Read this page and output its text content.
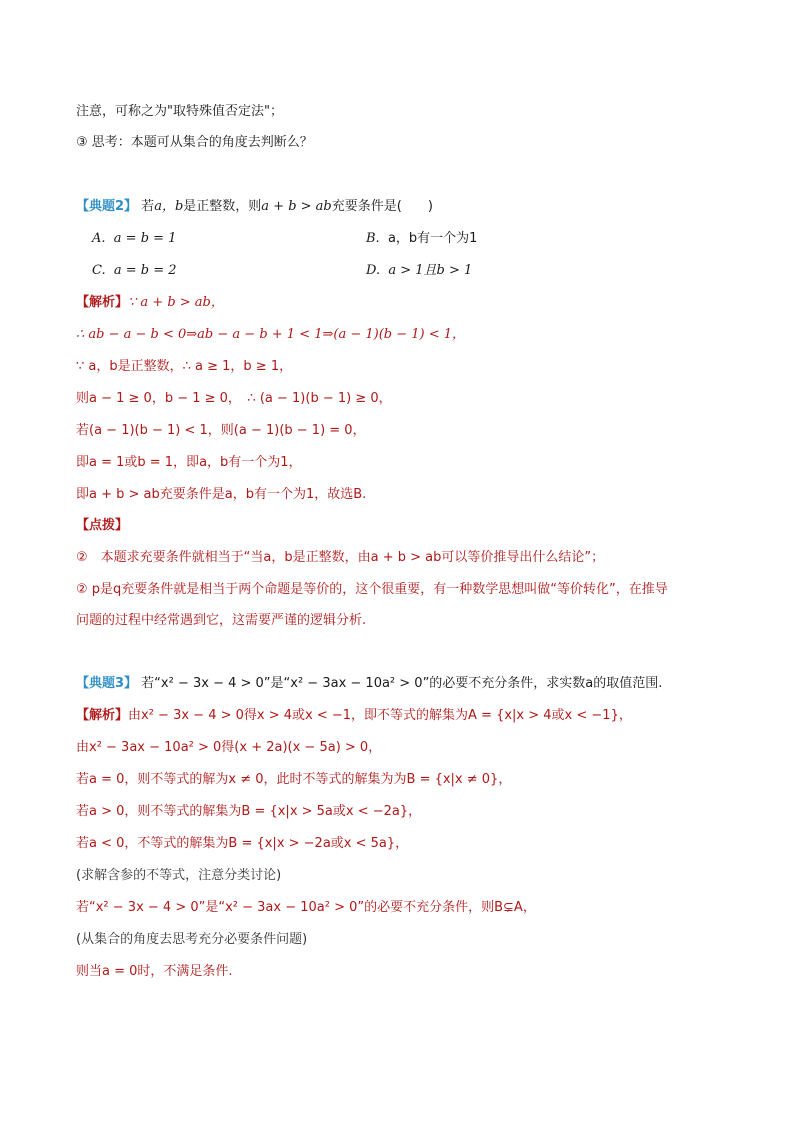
注意，可称之为"取特殊值否定法"；
③ 思考：本题可从集合的角度去判断么？
【典题2】 若a，b是正整数，则a + b > ab充要条件是(　　)
A. a = b = 1	B. a，b有一个为1
C. a = b = 2	D. a > 1且b > 1
【解析】∵ a + b > ab，
∴ ab − a − b < 0⇒ab − a − b + 1 < 1⇒(a − 1)(b − 1) < 1，
∵ a，b是正整数，∴ a ≥ 1，b ≥ 1，
则a − 1 ≥ 0，b − 1 ≥ 0，　∴ (a − 1)(b − 1) ≥ 0，
若(a − 1)(b − 1) < 1，则(a − 1)(b − 1) = 0，
即a = 1或b = 1，即a，b有一个为1，
即a + b > ab充要条件是a，b有一个为1，故选B.
【点拨】
②　本题求充要条件就相当于“当a，b是正整数，由a + b > ab可以等价推导出什么结论”；
② p是q充要条件就是相当于两个命题是等价的，这个很重要，有一种数学思想叫做“等价转化”，在推导
问题的过程中经常遇到它，这需要严谨的逻辑分析.
【典题3】 若“x² − 3x − 4 > 0”是“x² − 3ax − 10a² > 0”的必要不充分条件，求实数a的取值范围.
【解析】由x² − 3x − 4 > 0得x > 4或x < −1，即不等式的解集为A = {x|x > 4或x < −1}，
由x² − 3ax − 10a² > 0得(x + 2a)(x − 5a) > 0，
若a = 0，则不等式的解为x ≠ 0，此时不等式的解集为为B = {x|x ≠ 0}，
若a > 0，则不等式的解集为B = {x|x > 5a或x < −2a}，
若a < 0，不等式的解集为B = {x|x > −2a或x < 5a}，
(求解含参的不等式，注意分类讨论)
若“x² − 3x − 4 > 0”是“x² − 3ax − 10a² > 0”的必要不充分条件，则B⊊A，
(从集合的角度去思考充分必要条件问题)
则当a = 0时，不满足条件.
